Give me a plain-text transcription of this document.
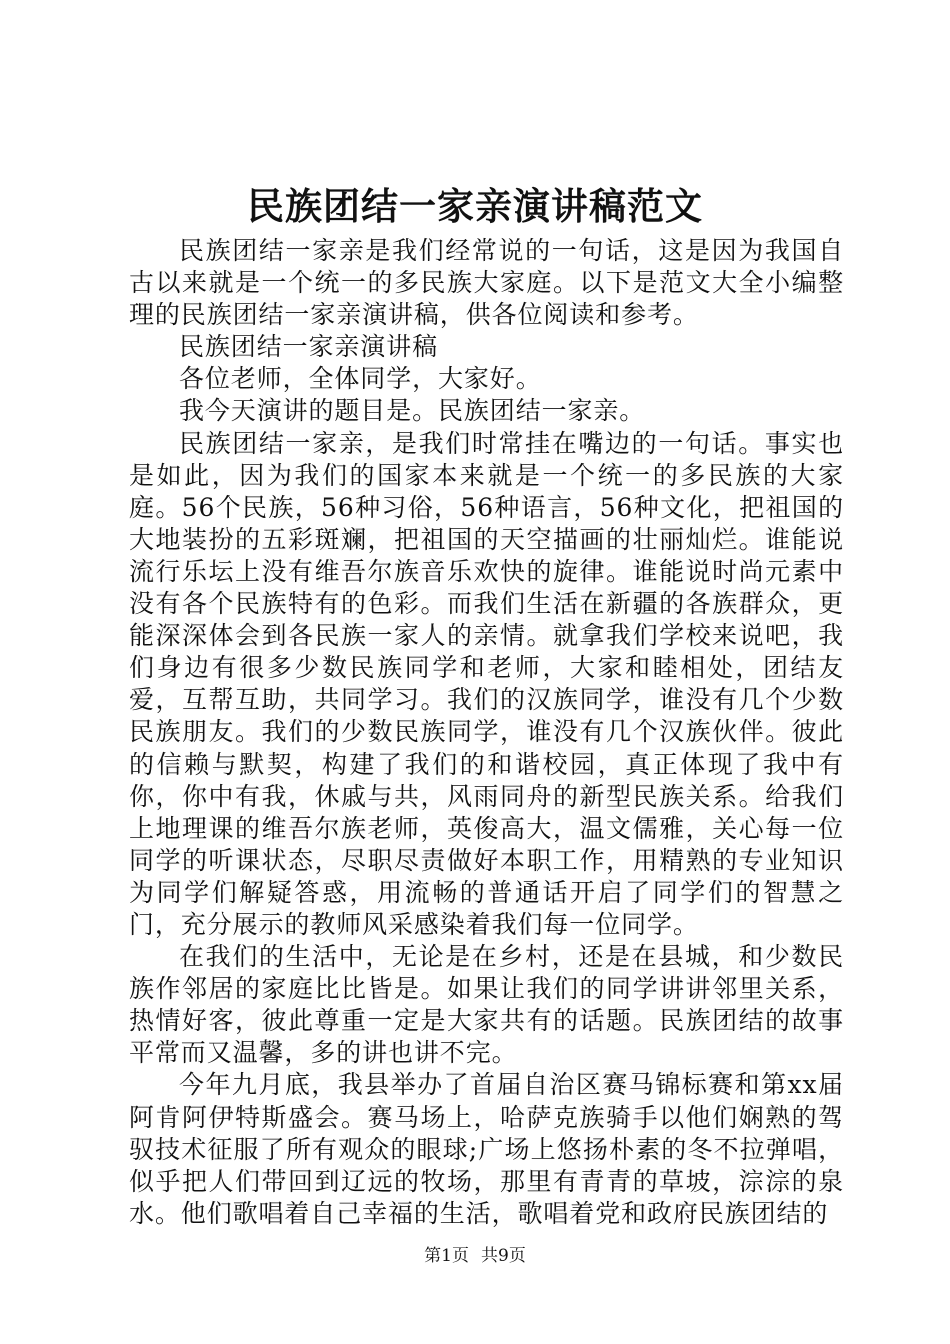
民族团结一家亲演讲稿范文

民族团结一家亲是我们经常说的一句话，这是因为我国自古以来就是一个统一的多民族大家庭。以下是范文大全小编整理的民族团结一家亲演讲稿，供各位阅读和参考。

民族团结一家亲演讲稿

各位老师，全体同学，大家好。

我今天演讲的题目是。民族团结一家亲。

民族团结一家亲，是我们时常挂在嘴边的一句话。事实也是如此，因为我们的国家本来就是一个统一的多民族的大家庭。56个民族，56种习俗，56种语言，56种文化，把祖国的大地装扮的五彩斑斓，把祖国的天空描画的壮丽灿烂。谁能说流行乐坛上没有维吾尔族音乐欢快的旋律。谁能说时尚元素中没有各个民族特有的色彩。而我们生活在新疆的各族群众，更能深深体会到各民族一家人的亲情。就拿我们学校来说吧，我们身边有很多少数民族同学和老师，大家和睦相处，团结友爱，互帮互助，共同学习。我们的汉族同学，谁没有几个少数民族朋友。我们的少数民族同学，谁没有几个汉族伙伴。彼此的信赖与默契，构建了我们的和谐校园，真正体现了我中有你，你中有我，休戚与共，风雨同舟的新型民族关系。给我们上地理课的维吾尔族老师，英俊高大，温文儒雅，关心每一位同学的听课状态，尽职尽责做好本职工作，用精熟的专业知识为同学们解疑答惑，用流畅的普通话开启了同学们的智慧之门，充分展示的教师风采感染着我们每一位同学。

在我们的生活中，无论是在乡村，还是在县城，和少数民族作邻居的家庭比比皆是。如果让我们的同学讲讲邻里关系，热情好客，彼此尊重一定是大家共有的话题。民族团结的故事平常而又温馨，多的讲也讲不完。

今年九月底，我县举办了首届自治区赛马锦标赛和第xx届阿肯阿伊特斯盛会。赛马场上，哈萨克族骑手以他们娴熟的驾驭技术征服了所有观众的眼球;广场上悠扬朴素的冬不拉弹唱，似乎把人们带回到辽远的牧场，那里有青青的草坡，淙淙的泉水。他们歌唱着自己幸福的生活，歌唱着党和政府民族团结的

第1页 共9页
